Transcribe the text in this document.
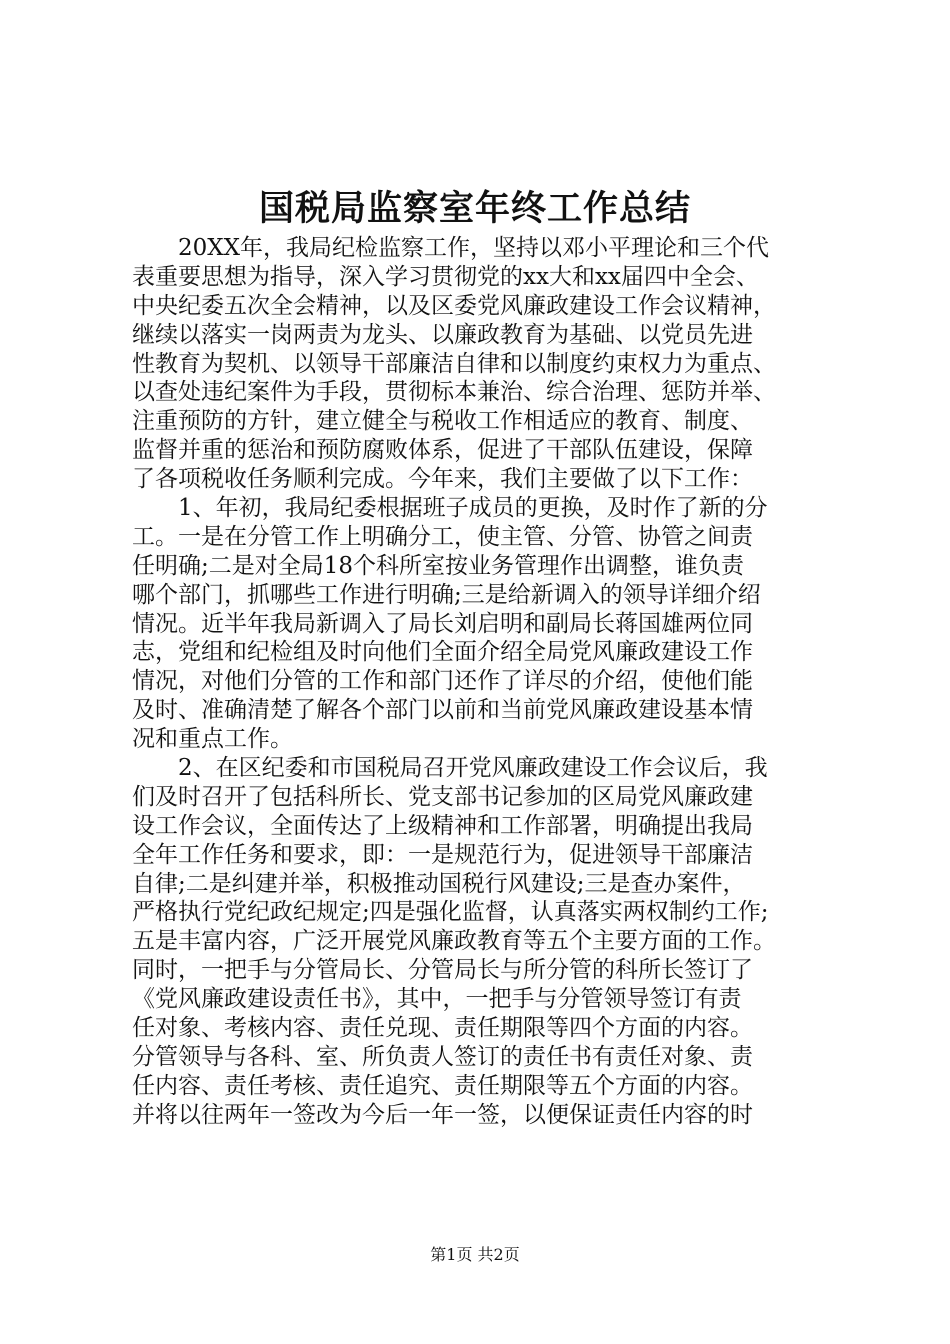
国税局监察室年终工作总结
20XX年，我局纪检监察工作，坚持以邓小平理论和三个代
表重要思想为指导，深入学习贯彻党的xx大和xx届四中全会、
中央纪委五次全会精神，以及区委党风廉政建设工作会议精神，
继续以落实一岗两责为龙头、以廉政教育为基础、以党员先进
性教育为契机、以领导干部廉洁自律和以制度约束权力为重点、
以查处违纪案件为手段，贯彻标本兼治、综合治理、惩防并举、
注重预防的方针，建立健全与税收工作相适应的教育、制度、
监督并重的惩治和预防腐败体系，促进了干部队伍建设，保障
了各项税收任务顺利完成。今年来，我们主要做了以下工作：
1、年初，我局纪委根据班子成员的更换，及时作了新的分
工。一是在分管工作上明确分工，使主管、分管、协管之间责
任明确;二是对全局18个科所室按业务管理作出调整，谁负责
哪个部门，抓哪些工作进行明确;三是给新调入的领导详细介绍
情况。近半年我局新调入了局长刘启明和副局长蒋国雄两位同
志，党组和纪检组及时向他们全面介绍全局党风廉政建设工作
情况，对他们分管的工作和部门还作了详尽的介绍，使他们能
及时、准确清楚了解各个部门以前和当前党风廉政建设基本情
况和重点工作。
2、在区纪委和市国税局召开党风廉政建设工作会议后，我
们及时召开了包括科所长、党支部书记参加的区局党风廉政建
设工作会议，全面传达了上级精神和工作部署，明确提出我局
全年工作任务和要求，即：一是规范行为，促进领导干部廉洁
自律;二是纠建并举，积极推动国税行风建设;三是查办案件，
严格执行党纪政纪规定;四是强化监督，认真落实两权制约工作;
五是丰富内容，广泛开展党风廉政教育等五个主要方面的工作。
同时，一把手与分管局长、分管局长与所分管的科所长签订了
《党风廉政建设责任书》，其中，一把手与分管领导签订有责
任对象、考核内容、责任兑现、责任期限等四个方面的内容。
分管领导与各科、室、所负责人签订的责任书有责任对象、责
任内容、责任考核、责任追究、责任期限等五个方面的内容。
并将以往两年一签改为今后一年一签，以便保证责任内容的时
第1页 共2页
